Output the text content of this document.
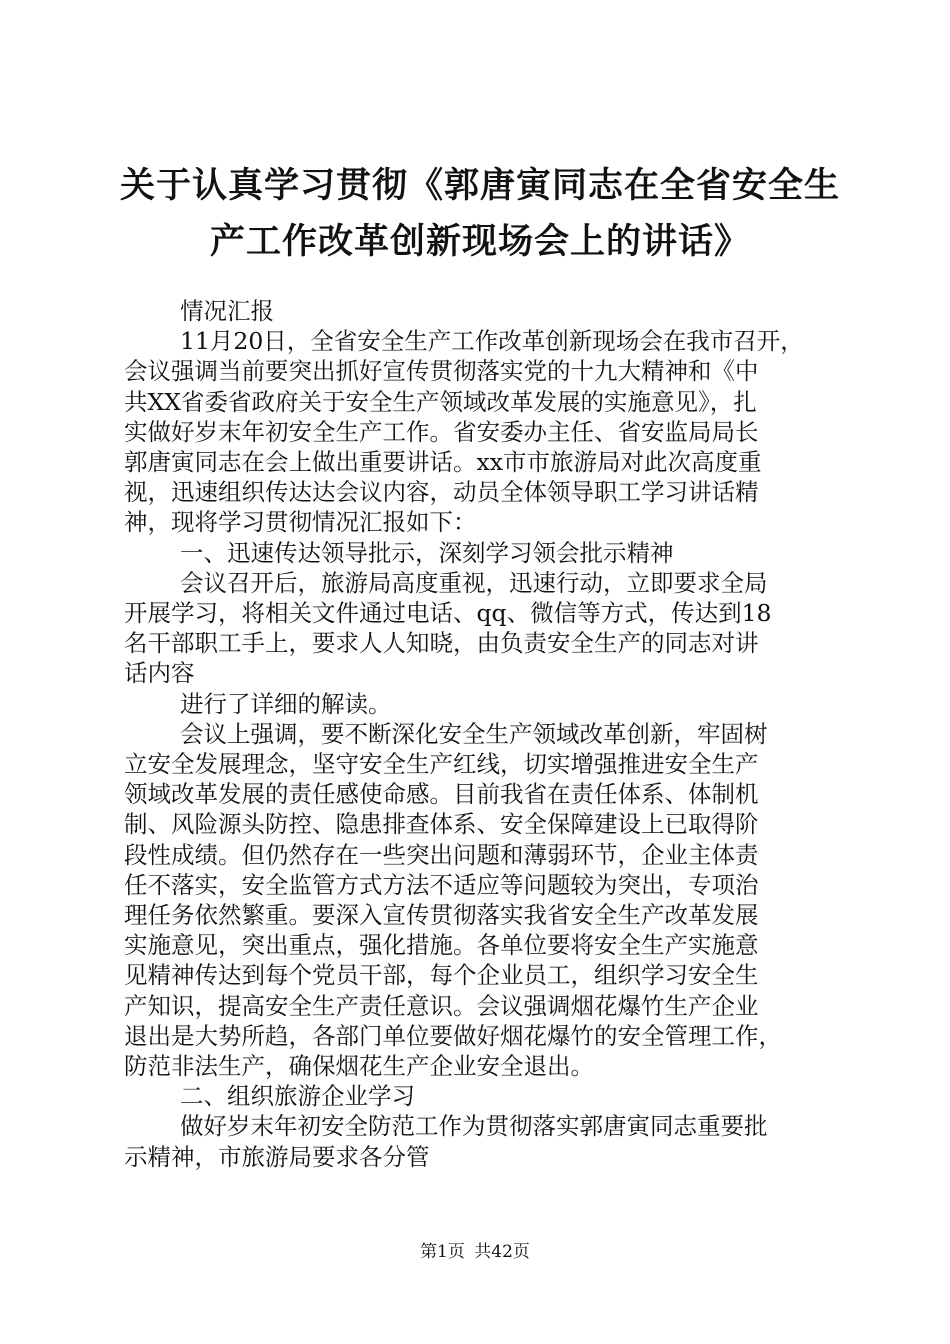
关于认真学习贯彻《郭唐寅同志在全省安全生
产工作改革创新现场会上的讲话》

情况汇报

11月20日，全省安全生产工作改革创新现场会在我市召开，

会议强调当前要突出抓好宣传贯彻落实党的十九大精神和《中

共XX省委省政府关于安全生产领域改革发展的实施意见》，扎

实做好岁末年初安全生产工作。省安委办主任、省安监局局长

郭唐寅同志在会上做出重要讲话。xx市市旅游局对此次高度重

视，迅速组织传达达会议内容，动员全体领导职工学习讲话精

神，现将学习贯彻情况汇报如下：

一、迅速传达领导批示，深刻学习领会批示精神

会议召开后，旅游局高度重视，迅速行动，立即要求全局

开展学习，将相关文件通过电话、qq、微信等方式，传达到18

名干部职工手上，要求人人知晓，由负责安全生产的同志对讲

话内容

进行了详细的解读。

会议上强调，要不断深化安全生产领域改革创新，牢固树

立安全发展理念，坚守安全生产红线，切实增强推进安全生产

领域改革发展的责任感使命感。目前我省在责任体系、体制机

制、风险源头防控、隐患排查体系、安全保障建设上已取得阶

段性成绩。但仍然存在一些突出问题和薄弱环节，企业主体责

任不落实，安全监管方式方法不适应等问题较为突出，专项治

理任务依然繁重。要深入宣传贯彻落实我省安全生产改革发展

实施意见，突出重点，强化措施。各单位要将安全生产实施意

见精神传达到每个党员干部，每个企业员工，组织学习安全生

产知识，提高安全生产责任意识。会议强调烟花爆竹生产企业

退出是大势所趋，各部门单位要做好烟花爆竹的安全管理工作，

防范非法生产，确保烟花生产企业安全退出。

二、组织旅游企业学习

做好岁末年初安全防范工作为贯彻落实郭唐寅同志重要批

示精神，市旅游局要求各分管

第1页 共42页
